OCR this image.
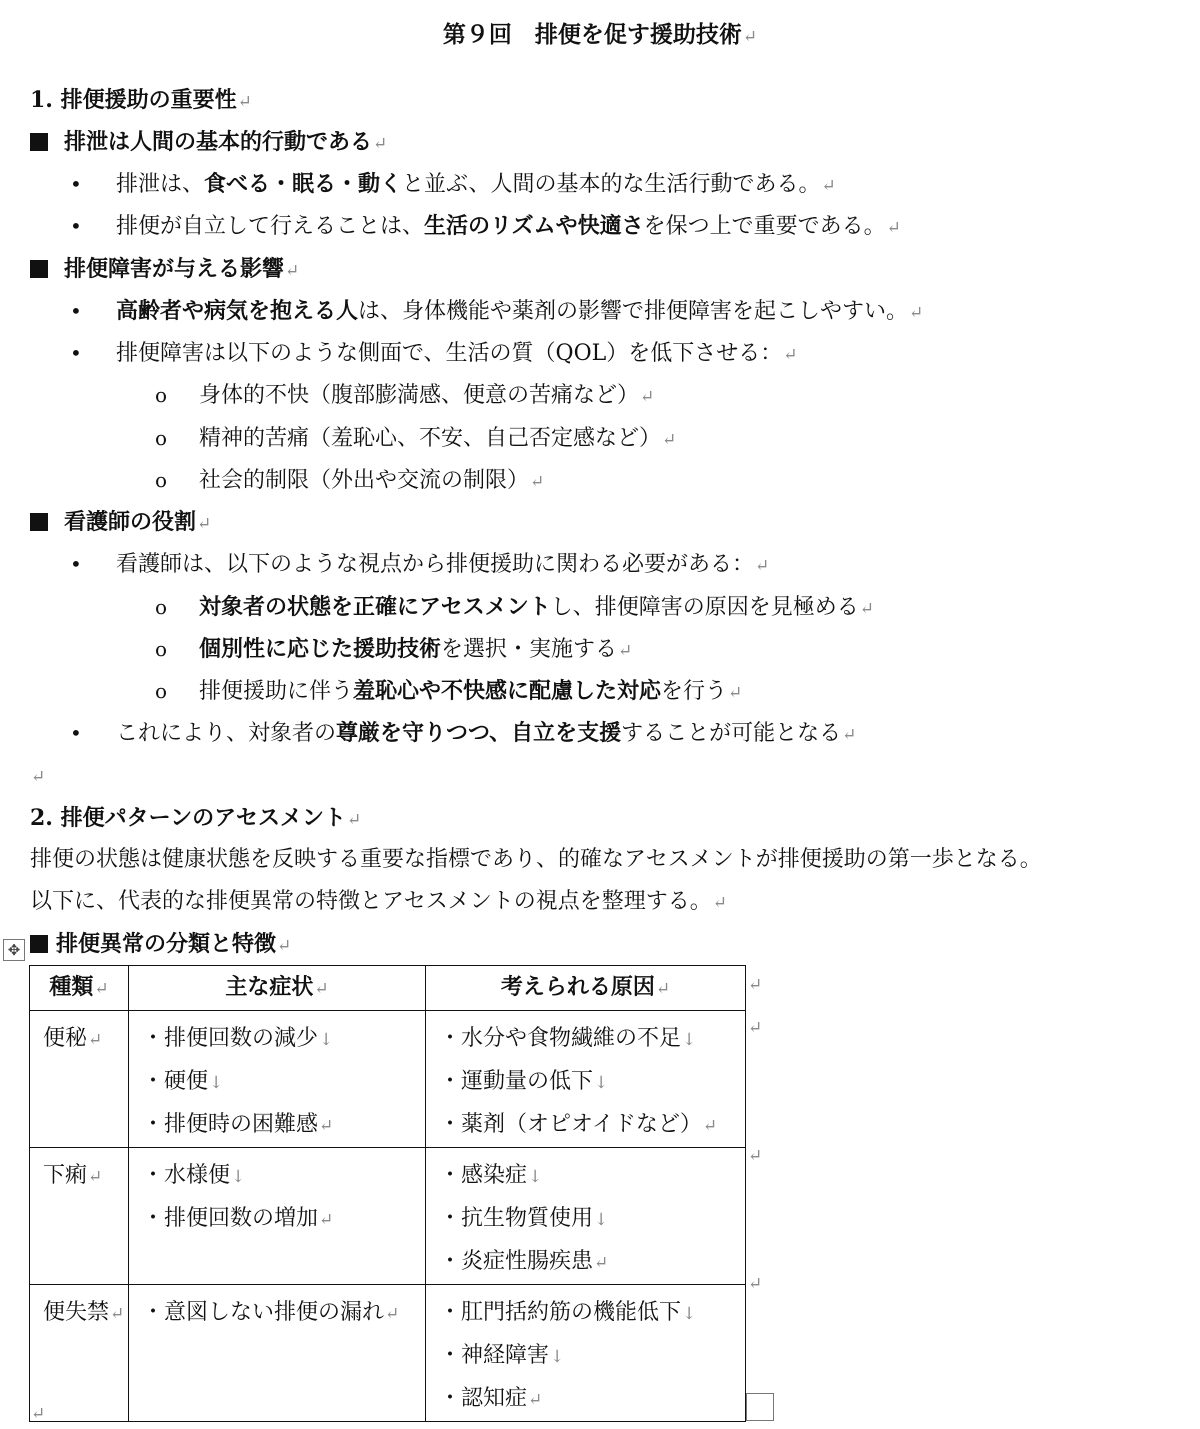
第９回　排便を促す援助技術↵
1. 排便援助の重要性↵
排泄は人間の基本的行動である↵
• 排泄は、食べる・眠る・動くと並ぶ、人間の基本的な生活行動である。↵
• 排便が自立して行えることは、生活のリズムや快適さを保つ上で重要である。↵
排便障害が与える影響↵
• 高齢者や病気を抱える人は、身体機能や薬剤の影響で排便障害を起こしやすい。↵
• 排便障害は以下のような側面で、生活の質（QOL）を低下させる：↵
o 身体的不快（腹部膨満感、便意の苦痛など）↵
o 精神的苦痛（羞恥心、不安、自己否定感など）↵
o 社会的制限（外出や交流の制限）↵
看護師の役割↵
• 看護師は、以下のような視点から排便援助に関わる必要がある：↵
o 対象者の状態を正確にアセスメントし、排便障害の原因を見極める↵
o 個別性に応じた援助技術を選択・実施する↵
o 排便援助に伴う羞恥心や不快感に配慮した対応を行う↵
• これにより、対象者の尊厳を守りつつ、自立を支援することが可能となる↵
↵
2. 排便パターンのアセスメント↵
排便の状態は健康状態を反映する重要な指標であり、的確なアセスメントが排便援助の第一歩となる。
以下に、代表的な排便異常の特徴とアセスメントの視点を整理する。↵
✥	排便異常の分類と特徴↵
種類↵	主な症状↵	考えられる原因↵
便秘↵	・排便回数の減少↓
・硬便↓
・排便時の困難感↵	・水分や食物繊維の不足↓
・運動量の低下↓
・薬剤（オピオイドなど）↵

下痢↵	・水様便↓
・排便回数の増加↵	・感染症↓
・抗生物質使用↓
・炎症性腸疾患↵

便失禁↵	・意図しない排便の漏れ↵	・肛門括約筋の機能低下↓
・神経障害↓
・認知症↵
↵
↵
↵
↵
↵
